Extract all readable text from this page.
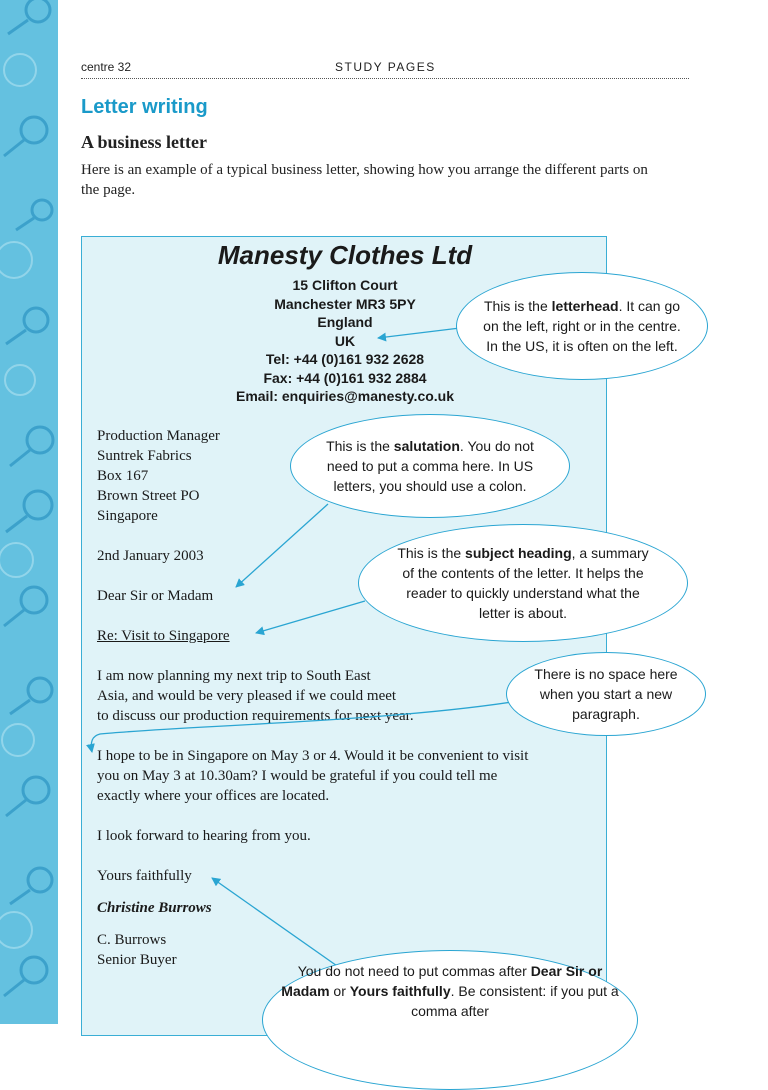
centre 32	STUDY PAGES
Letter writing
A business letter

Here is an example of a typical business letter, showing how you arrange the different parts on the page.

Manesty Clothes Ltd
15 Clifton Court
Manchester MR3 5PY
England
UK
Tel: +44 (0)161 932 2628
Fax: +44 (0)161 932 2884
Email: enquiries@manesty.co.uk
Production Manager
Suntrek Fabrics
Box 167
Brown Street PO
Singapore
2nd January 2003
Dear Sir or Madam
Re: Visit to Singapore
I am now planning my next trip to South East
Asia, and would be very pleased if we could meet
to discuss our production requirements for next year.
I hope to be in Singapore on May 3 or 4. Would it be convenient to visit
you on May 3 at 10.30am? I would be grateful if you could tell me
exactly where your offices are located.
I look forward to hearing from you.
Yours faithfully
Christine Burrows
C. Burrows
Senior Buyer
This is the letterhead. It can go on the left, right or in the centre. In the US, it is often on the left.
This is the salutation. You do not need to put a comma here. In US letters, you should use a colon.
This is the subject heading, a summary of the contents of the letter. It helps the reader to quickly understand what the letter is about.
There is no space here when you start a new paragraph.
You do not need to put commas after Dear Sir or Madam or Yours faithfully. Be consistent: if you put a comma after
